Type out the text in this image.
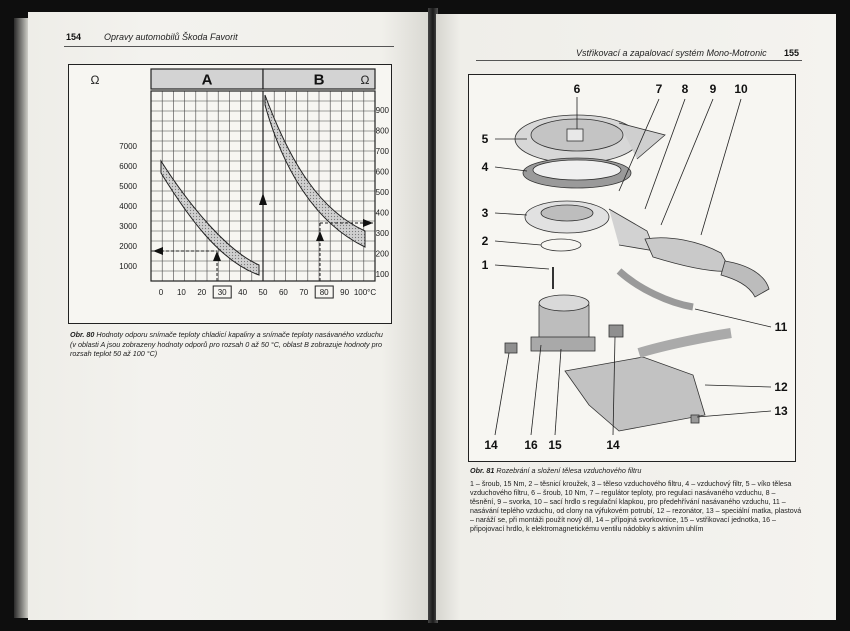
154	Opravy automobilů Škoda Favorit
A	B
Ω	Ω
7000
6000
5000
4000
3000
2000
1000
900
800
700
600
500
400
300
200
100
0 10 20 30 40 50 60 70 80 90 100°C
Obr. 80 Hodnoty odporu snímače teploty chladicí kapaliny a snímače teploty nasávaného vzduchu (v oblasti A jsou zobrazeny hodnoty odporů pro rozsah 0 až 50 °C, oblast B zobrazuje hodnoty pro rozsah teplot 50 až 100 °C)
Vstřikovací a zapalovací systém Mono-Motronic 155
6	7 8 9 10
5
4
3
2
1
11
12
13
14 16 15	14
Obr. 81 Rozebrání a složení tělesa vzduchového filtru
1 – šroub, 15 Nm, 2 – těsnicí kroužek, 3 – těleso vzduchového filtru, 4 – vzduchový filtr, 5 – víko tělesa vzduchového filtru, 6 – šroub, 10 Nm, 7 – regulátor teploty, pro regulaci nasávaného vzduchu, 8 – těsnění, 9 – svorka, 10 – sací hrdlo s regulační klapkou, pro předehřívání nasávaného vzduchu, 11 – nasávání teplého vzduchu, od clony na výfukovém potrubí, 12 – rezonátor, 13 – speciální matka, plastová – naráží se, při montáži použít nový díl, 14 – přípojná svorkovnice, 15 – vstřikovací jednotka, 16 – připojovací hrdlo, k elektromagnetickému ventilu nádobky s aktivním uhlím
